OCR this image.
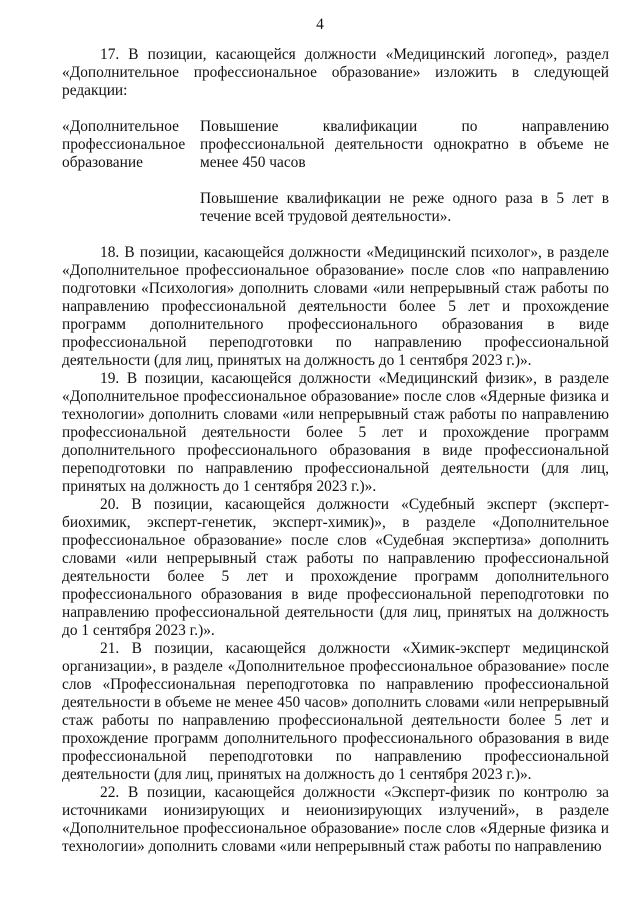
4

17. В позиции, касающейся должности «Медицинский логопед», раздел «Дополнительное профессиональное образование» изложить в следующей редакции:

«Дополнительное профессиональное образование

Повышение квалификации по направлению профессиональной деятельности однократно в объеме не менее 450 часов

Повышение квалификации не реже одного раза в 5 лет в течение всей трудовой деятельности».

18. В позиции, касающейся должности «Медицинский психолог», в разделе «Дополнительное профессиональное образование» после слов «по направлению подготовки «Психология» дополнить словами «или непрерывный стаж работы по направлению профессиональной деятельности более 5 лет и прохождение программ дополнительного профессионального образования в виде профессиональной переподготовки по направлению профессиональной деятельности (для лиц, принятых на должность до 1 сентября 2023 г.)».

19. В позиции, касающейся должности «Медицинский физик», в разделе «Дополнительное профессиональное образование» после слов «Ядерные физика и технологии» дополнить словами «или непрерывный стаж работы по направлению профессиональной деятельности более 5 лет и прохождение программ дополнительного профессионального образования в виде профессиональной переподготовки по направлению профессиональной деятельности (для лиц, принятых на должность до 1 сентября 2023 г.)».

20. В позиции, касающейся должности «Судебный эксперт (эксперт-биохимик, эксперт-генетик, эксперт-химик)», в разделе «Дополнительное профессиональное образование» после слов «Судебная экспертиза» дополнить словами «или непрерывный стаж работы по направлению профессиональной деятельности более 5 лет и прохождение программ дополнительного профессионального образования в виде профессиональной переподготовки по направлению профессиональной деятельности (для лиц, принятых на должность до 1 сентября 2023 г.)».

21. В позиции, касающейся должности «Химик-эксперт медицинской организации», в разделе «Дополнительное профессиональное образование» после слов «Профессиональная переподготовка по направлению профессиональной деятельности в объеме не менее 450 часов» дополнить словами «или непрерывный стаж работы по направлению профессиональной деятельности более 5 лет и прохождение программ дополнительного профессионального образования в виде профессиональной переподготовки по направлению профессиональной деятельности (для лиц, принятых на должность до 1 сентября 2023 г.)».

22. В позиции, касающейся должности «Эксперт-физик по контролю за источниками ионизирующих и неионизирующих излучений», в разделе «Дополнительное профессиональное образование» после слов «Ядерные физика и технологии» дополнить словами «или непрерывный стаж работы по направлению
